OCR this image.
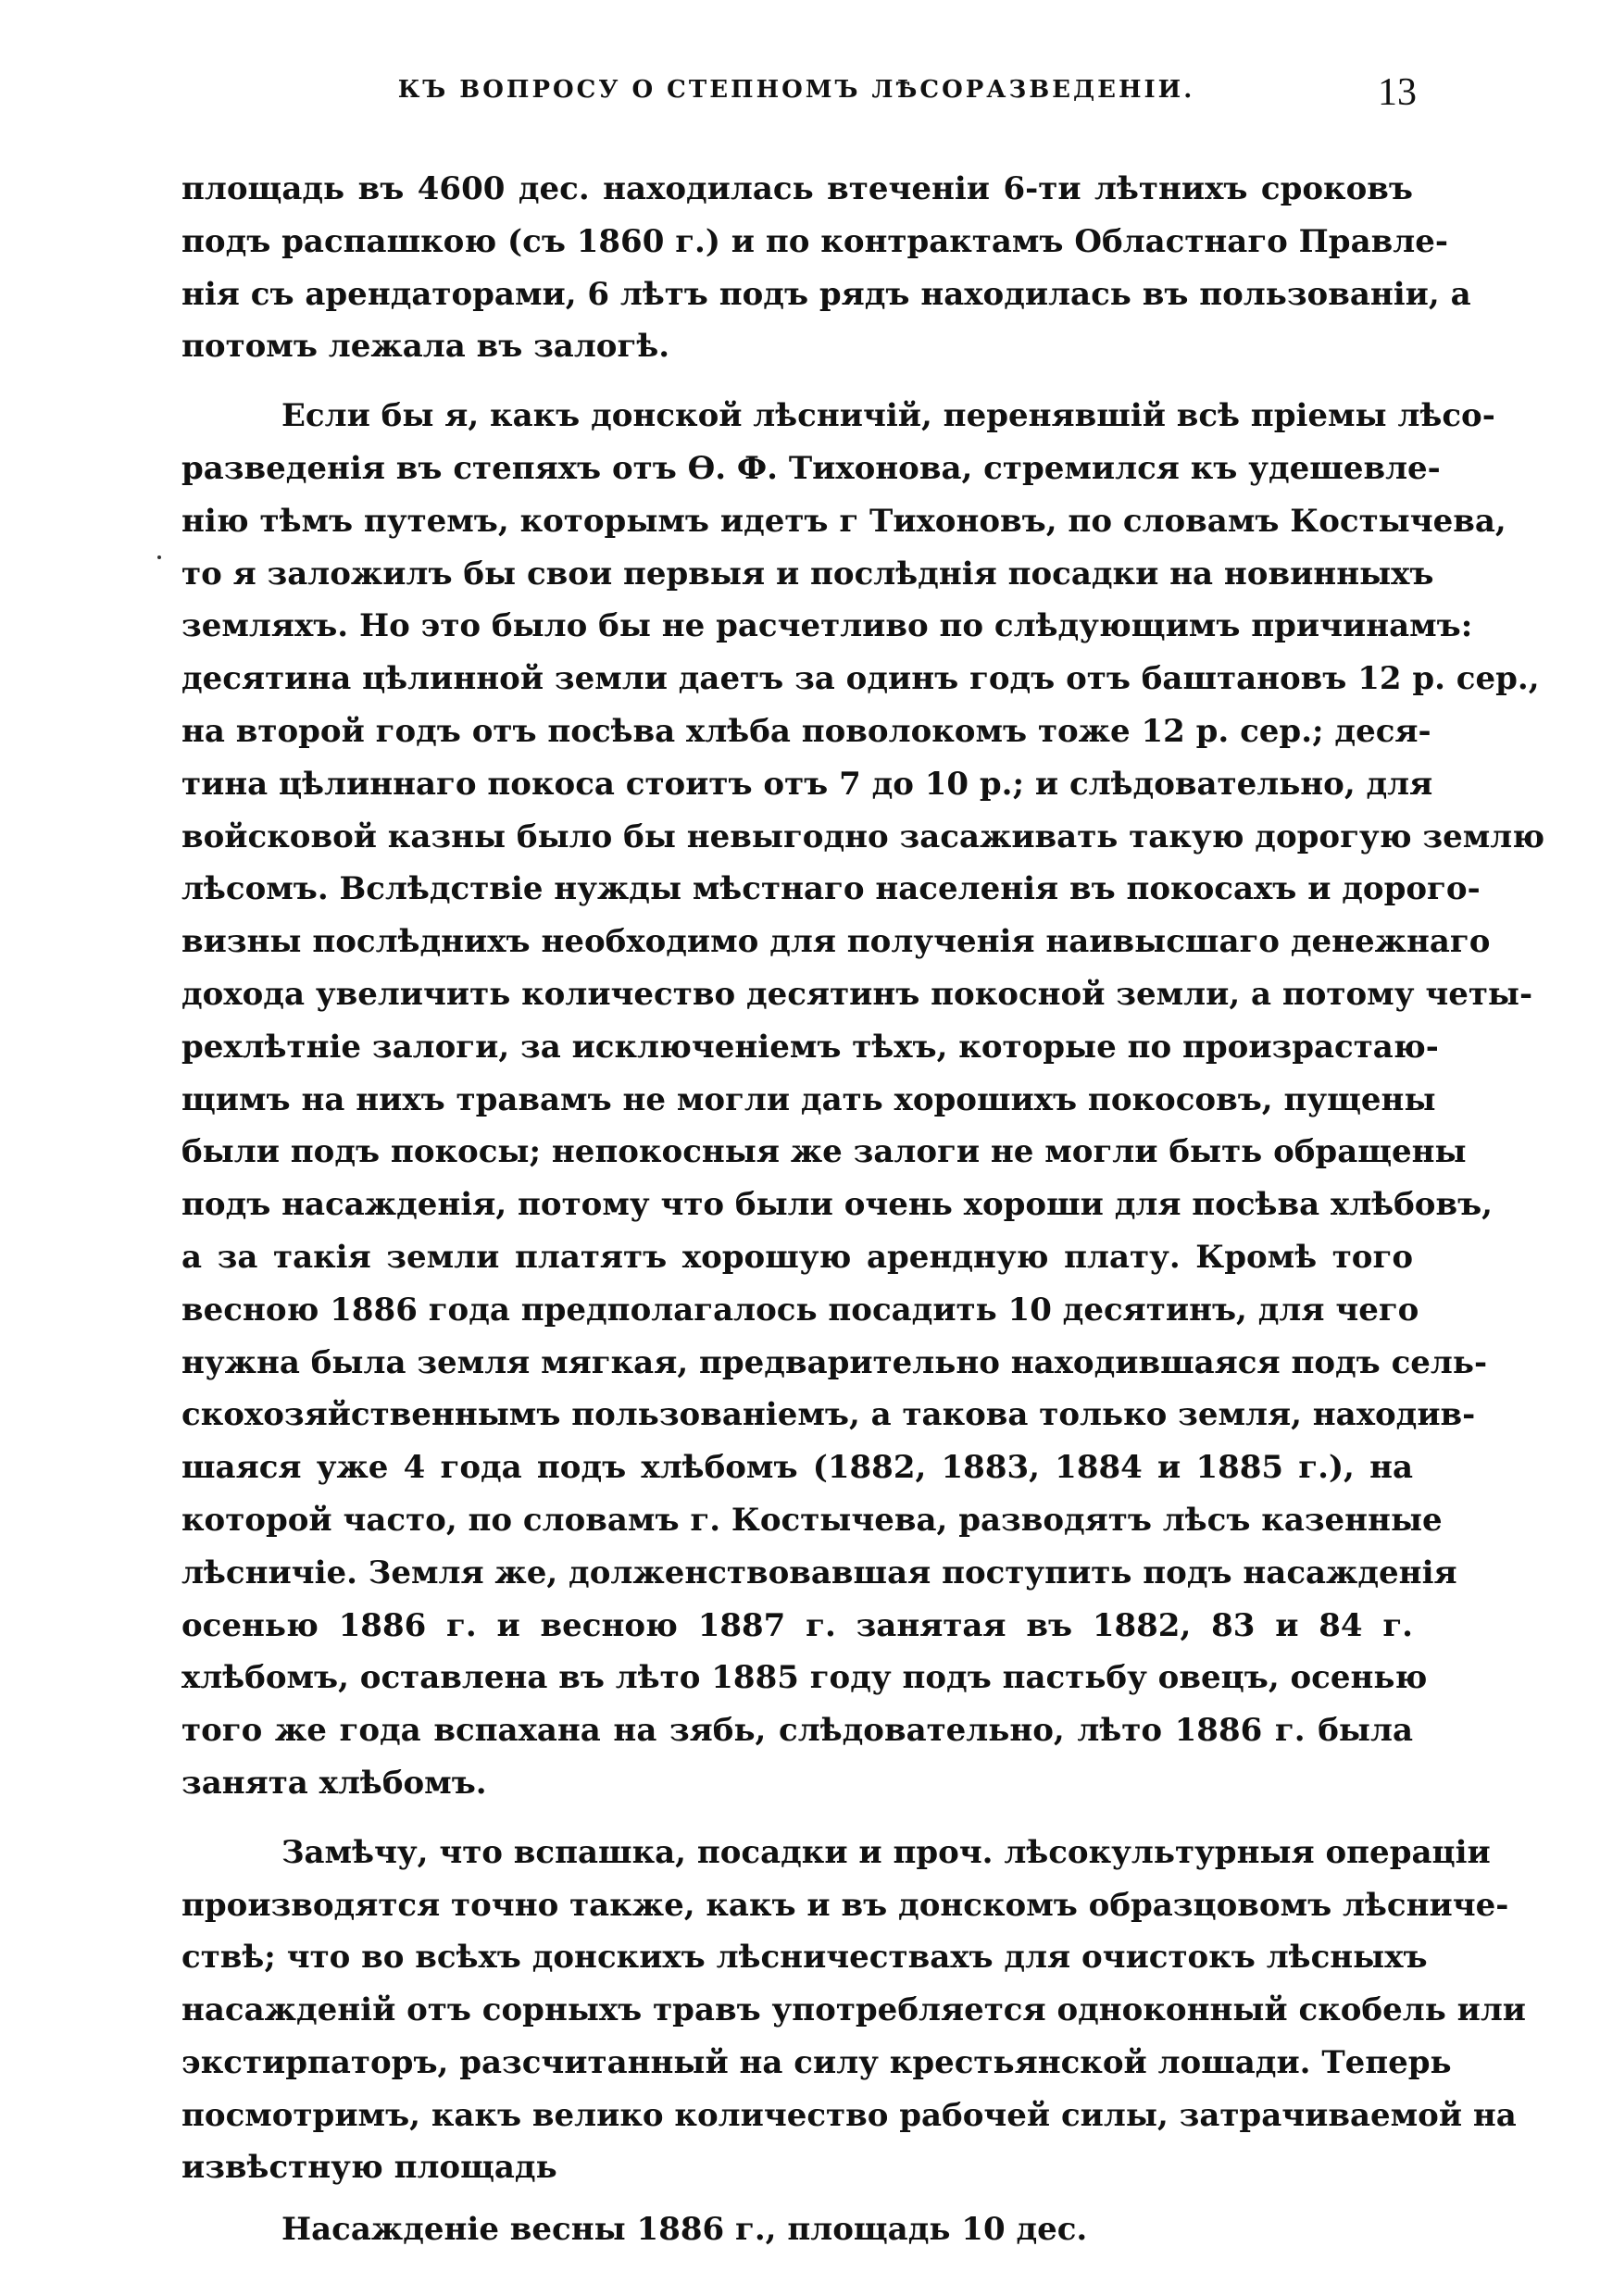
КЪ ВОПРОСУ О СТЕПНОМЪ ЛѢСОРАЗВЕДЕНІИ.	13
площадь въ 4600 дес. находилась втеченіи 6-ти лѣтнихъ сроковъ
подъ распашкою (съ 1860 г.) и по контрактамъ Областнаго Правле-
нія съ арендаторами, 6 лѣтъ подъ рядъ находилась въ пользованіи, а
потомъ лежала въ залогѣ.
Если бы я, какъ донской лѣсничій, перенявшій всѣ пріемы лѣсо-
разведенія въ степяхъ отъ Ѳ. Ф. Тихонова, стремился къ удешевле-
нію тѣмъ путемъ, которымъ идетъ г Тихоновъ, по словамъ Костычева,
то я заложилъ бы свои первыя и послѣднія посадки на новинныхъ
земляхъ. Но это было бы не расчетливо по слѣдующимъ причинамъ:
десятина цѣлинной земли даетъ за одинъ годъ отъ баштановъ 12 р. сер.,
на второй годъ отъ посѣва хлѣба поволокомъ тоже 12 р. сер.; деся-
тина цѣлиннаго покоса стоитъ отъ 7 до 10 р.; и слѣдовательно, для
войсковой казны было бы невыгодно засаживать такую дорогую землю
лѣсомъ. Вслѣдствіе нужды мѣстнаго населенія въ покосахъ и дорого-
визны послѣднихъ необходимо для полученія наивысшаго денежнаго
дохода увеличить количество десятинъ покосной земли, а потому четы-
рехлѣтніе залоги, за исключеніемъ тѣхъ, которые по произрастаю-
щимъ на нихъ травамъ не могли дать хорошихъ покосовъ, пущены
были подъ покосы; непокосныя же залоги не могли быть обращены
подъ насажденія, потому что были очень хороши для посѣва хлѣбовъ,
а за такія земли платятъ хорошую арендную плату. Кромѣ того
весною 1886 года предполагалось посадить 10 десятинъ, для чего
нужна была земля мягкая, предварительно находившаяся подъ сель-
скохозяйственнымъ пользованіемъ, а такова только земля, находив-
шаяся уже 4 года подъ хлѣбомъ (1882, 1883, 1884 и 1885 г.), на
которой часто, по словамъ г. Костычева, разводятъ лѣсъ казенные
лѣсничіе. Земля же, долженствовавшая поступить подъ насажденія
осенью 1886 г. и весною 1887 г. занятая въ 1882, 83 и 84 г.
хлѣбомъ, оставлена въ лѣто 1885 году подъ пастьбу овецъ, осенью
того же года вспахана на зябь, слѣдовательно, лѣто 1886 г. была
занята хлѣбомъ.
Замѣчу, что вспашка, посадки и проч. лѣсокультурныя операціи
производятся точно также, какъ и въ донскомъ образцовомъ лѣсниче-
ствѣ; что во всѣхъ донскихъ лѣсничествахъ для очистокъ лѣсныхъ
насажденій отъ сорныхъ травъ употребляется одноконный скобель или
экстирпаторъ, разсчитанный на силу крестьянской лошади. Теперь
посмотримъ, какъ велико количество рабочей силы, затрачиваемой на
извѣстную площадь
Насажденіе весны 1886 г., площадь 10 дес.
